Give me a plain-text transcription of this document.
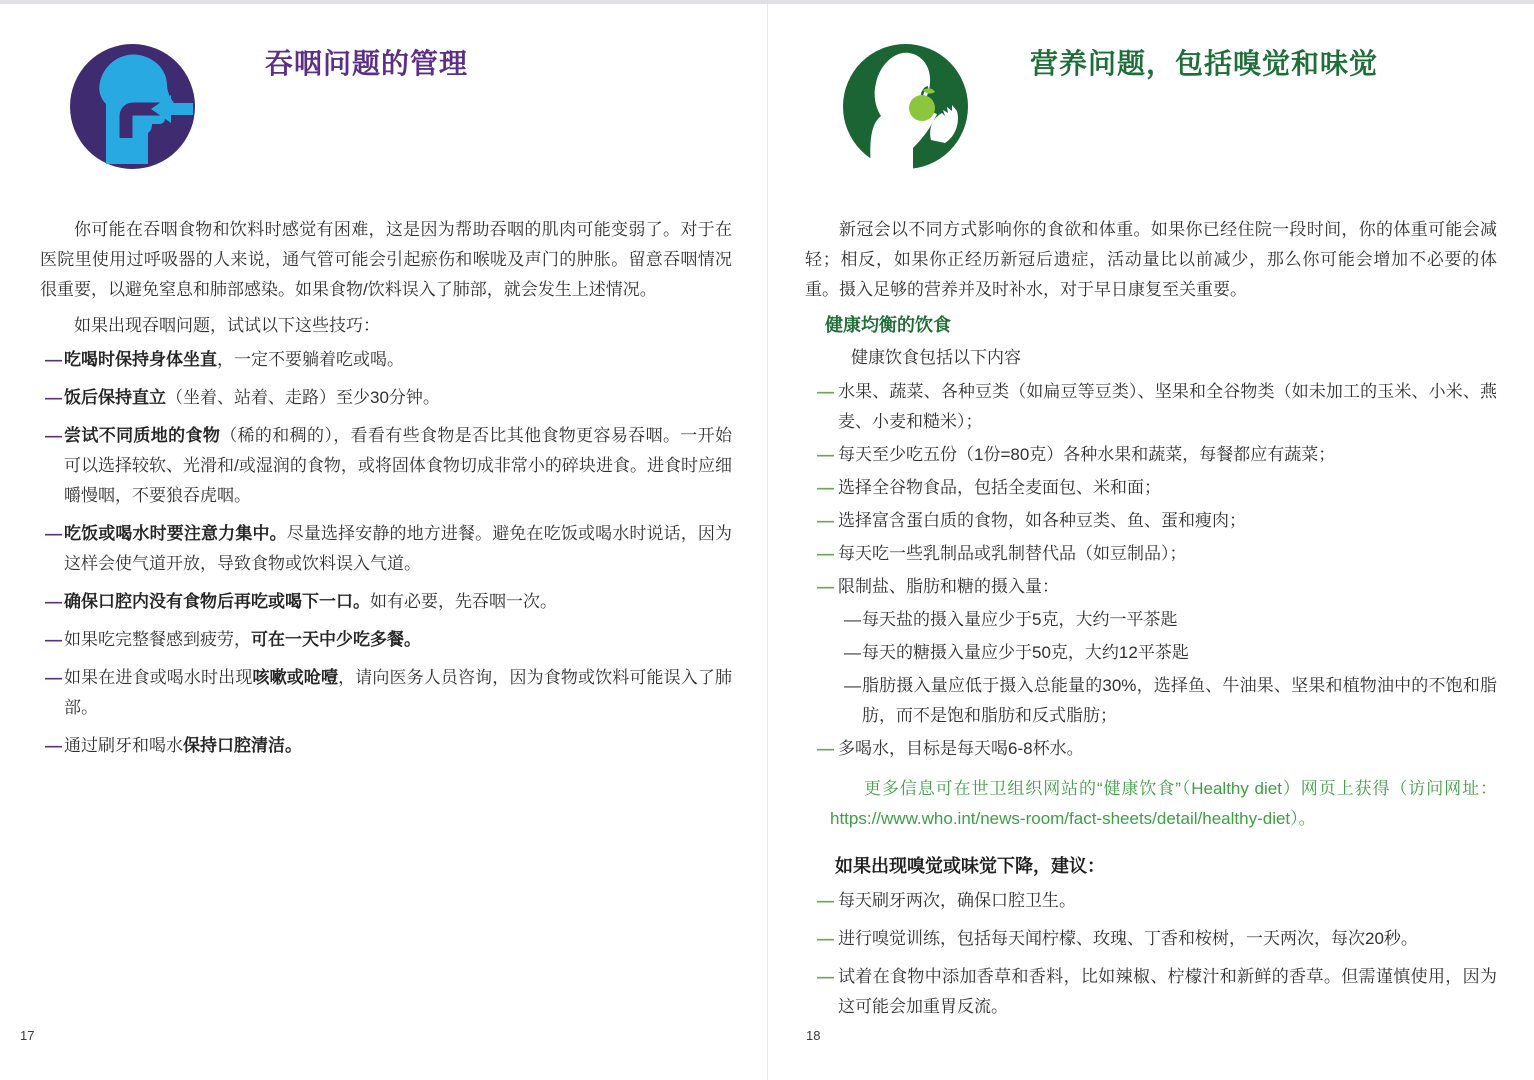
吞咽问题的管理

你可能在吞咽食物和饮料时感觉有困难，这是因为帮助吞咽的肌肉可能变弱了。对于在医院里使用过呼吸器的人来说，通气管可能会引起瘀伤和喉咙及声门的肿胀。留意吞咽情况很重要，以避免窒息和肺部感染。如果食物/饮料误入了肺部，就会发生上述情况。

如果出现吞咽问题，试试以下这些技巧：

— 吃喝时保持身体坐直，一定不要躺着吃或喝。

— 饭后保持直立（坐着、站着、走路）至少30分钟。

— 尝试不同质地的食物（稀的和稠的），看看有些食物是否比其他食物更容易吞咽。一开始可以选择较软、光滑和/或湿润的食物，或将固体食物切成非常小的碎块进食。进食时应细嚼慢咽，不要狼吞虎咽。

— 吃饭或喝水时要注意力集中。尽量选择安静的地方进餐。避免在吃饭或喝水时说话，因为这样会使气道开放，导致食物或饮料误入气道。

— 确保口腔内没有食物后再吃或喝下一口。如有必要，先吞咽一次。

— 如果吃完整餐感到疲劳，可在一天中少吃多餐。

— 如果在进食或喝水时出现咳嗽或呛噎，请向医务人员咨询，因为食物或饮料可能误入了肺部。

— 通过刷牙和喝水保持口腔清洁。

营养问题，包括嗅觉和味觉

新冠会以不同方式影响你的食欲和体重。如果你已经住院一段时间，你的体重可能会减轻；相反，如果你正经历新冠后遗症，活动量比以前减少，那么你可能会增加不必要的体重。摄入足够的营养并及时补水，对于早日康复至关重要。

健康均衡的饮食

健康饮食包括以下内容

— 水果、蔬菜、各种豆类（如扁豆等豆类）、坚果和全谷物类（如未加工的玉米、小米、燕麦、小麦和糙米）；

— 每天至少吃五份（1份=80克）各种水果和蔬菜，每餐都应有蔬菜；

— 选择全谷物食品，包括全麦面包、米和面；

— 选择富含蛋白质的食物，如各种豆类、鱼、蛋和瘦肉；

— 每天吃一些乳制品或乳制替代品（如豆制品）；

— 限制盐、脂肪和糖的摄入量：

— 每天盐的摄入量应少于5克，大约一平茶匙

— 每天的糖摄入量应少于50克，大约12平茶匙

— 脂肪摄入量应低于摄入总能量的30%，选择鱼、牛油果、坚果和植物油中的不饱和脂肪，而不是饱和脂肪和反式脂肪；

— 多喝水，目标是每天喝6-8杯水。

更多信息可在世卫组织网站的“健康饮食”（Healthy diet）网页上获得（访问网址：https://www.who.int/news-room/fact-sheets/detail/healthy-diet）。

如果出现嗅觉或味觉下降，建议：
— 每天刷牙两次，确保口腔卫生。

— 进行嗅觉训练，包括每天闻柠檬、玫瑰、丁香和桉树，一天两次，每次20秒。

— 试着在食物中添加香草和香料，比如辣椒、柠檬汁和新鲜的香草。但需谨慎使用，因为这可能会加重胃反流。

17	18
